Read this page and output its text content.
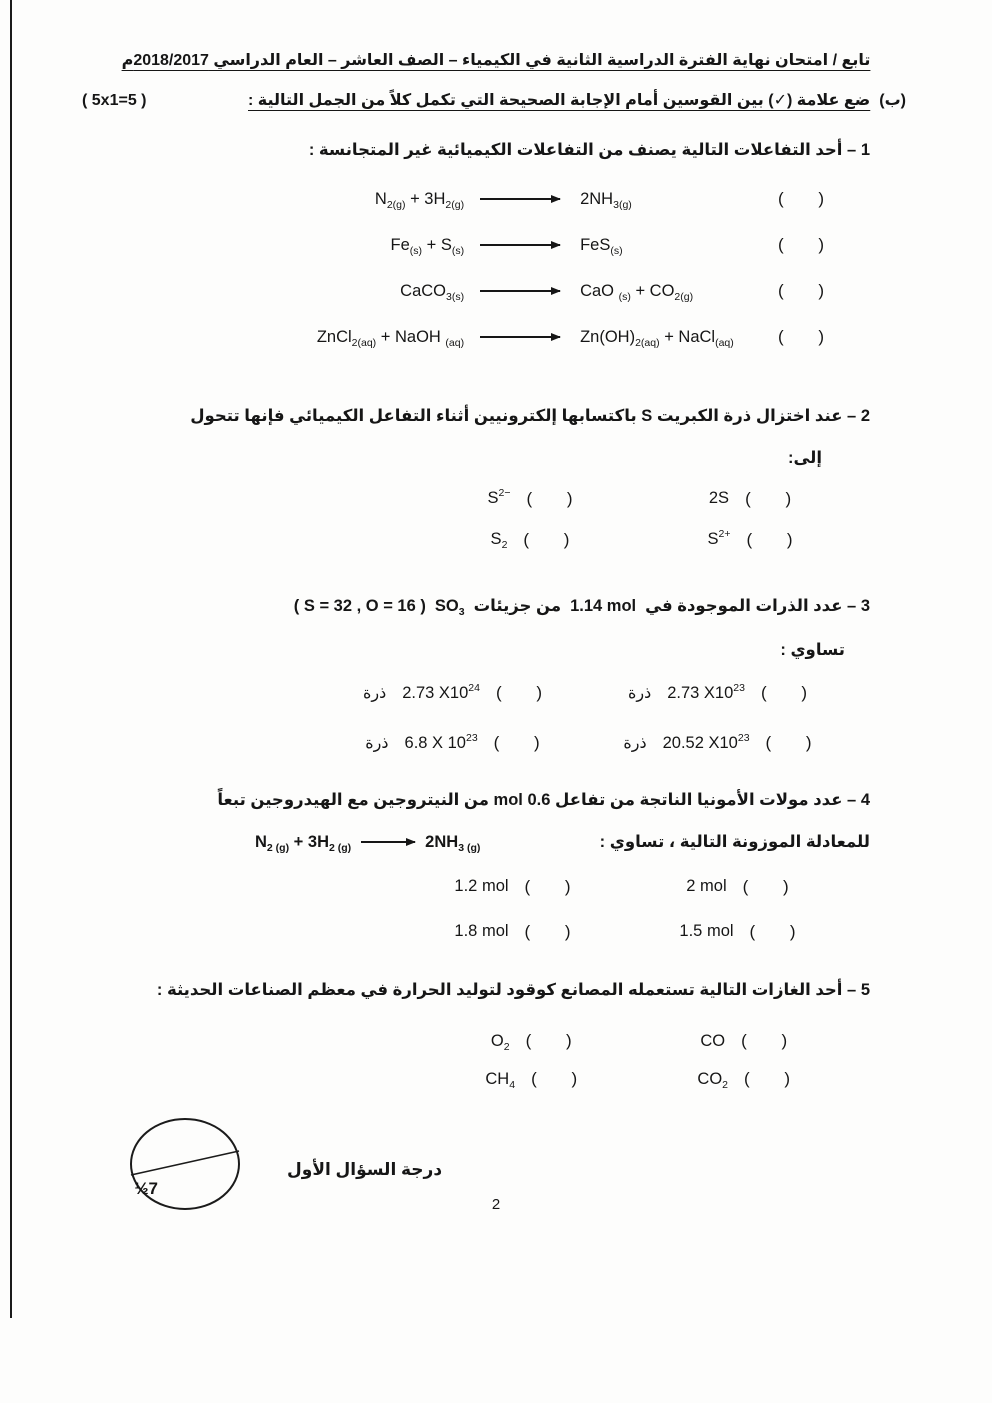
تابع / امتحان نهاية الفترة الدراسية الثانية في الكيمياء – الصف العاشر – العام الدراسي 2018/2017م
(ب)
ضع علامة (✓) بين القوسين أمام الإجابة الصحيحة التي تكمل كلاً من الجمل التالية :
( 5x1=5 )
1 – أحد التفاعلات التالية يصنف من التفاعلات الكيميائية غير المتجانسة :
$N_{2(g)} + 3H_{2(g)}$	$2NH_{3(g)}$	( )
$Fe_{(s)} + S_{(s)}$	FeS$_{(s)}$	( )
CaCO$_{3(s)}$	CaO $_{(s)} + CO_{2(g)}$	( )
ZnCl$_{2(aq)}$ + NaOH $_{(aq)}$	$Zn(OH)_{2(aq)}$ + NaCl$_{(aq)}$	( )
2 – عند اختزال ذرة الكبريت S باكتسابها إلكترونيين أثناء التفاعل الكيميائي فإنها تتحول
إلى:
2S ( )
$S^{2-}$ ( )
$S^{2+}$ ( )
$S_2$ ( )
3 – عدد الذرات الموجودة في
1.14 mol
من جزيئات
$SO_3$
( S = 32 , O = 16 )
تساوي :
ذرة 2.73 $X10^{23}$ ( )
ذرة 2.73 $X10^{24}$ ( )
ذرة 20.52 $X10^{23}$ ( )
ذرة 6.8 X $10^{23}$ ( )
4 – عدد مولات الأمونيا الناتجة من تفاعل 0.6 mol من النيتروجين مع الهيدروجين تبعاً
للمعادلة الموزونة التالية ، تساوي :
$N_{2 (g)} + 3H_{2 (g)}$	$2NH_{3 (g)}$
2 mol ( )
1.2 mol ( )
1.5 mol ( )
1.8 mol ( )
5 – أحد الغازات التالية تستعمله المصانع كوقود لتوليد الحرارة في معظم الصناعات الحديثة :
CO ( )
$O_2$ ( )
$CO_2$ ( )
$CH_4$ ( )
7½
درجة السؤال الأول
2
